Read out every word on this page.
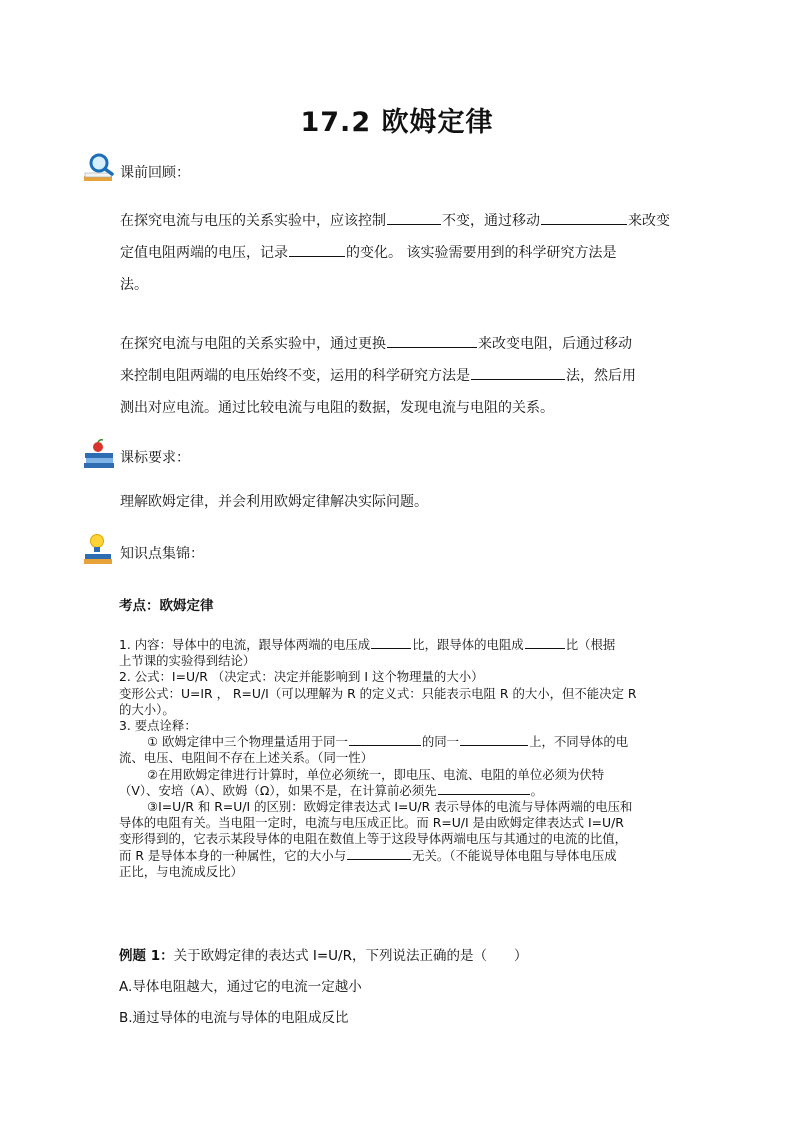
17.2 欧姆定律
课前回顾：
在探究电流与电压的关系实验中，应该控制	不变，通过移动	来改变
定值电阻两端的电压，记录	的变化。 该实验需要用到的科学研究方法是
法。
在探究电流与电阻的关系实验中，通过更换	来改变电阻，后通过移动
来控制电阻两端的电压始终不变，运用的科学研究方法是	法，然后用
测出对应电流。通过比较电流与电阻的数据，发现电流与电阻的关系。
课标要求：
理解欧姆定律，并会利用欧姆定律解决实际问题。
知识点集锦：
考点：欧姆定律
1. 内容：导体中的电流，跟导体两端的电压成	比，跟导体的电阻成	比（根据
上节课的实验得到结论）
2. 公式：I=U/R （决定式：决定并能影响到 I 这个物理量的大小）
变形公式：U=IR ， R=U/I（可以理解为 R 的定义式：只能表示电阻 R 的大小，但不能决定 R
的大小）。
3. 要点诠释：
① 欧姆定律中三个物理量适用于同一	的同一	上，不同导体的电
流、电压、电阻间不存在上述关系。（同一性）
②在用欧姆定律进行计算时，单位必须统一，即电压、电流、电阻的单位必须为伏特
（V）、安培（A）、欧姆（Ω），如果不是，在计算前必须先	。
③I=U/R 和 R=U/I 的区别：欧姆定律表达式 I=U/R 表示导体的电流与导体两端的电压和
导体的电阻有关。当电阻一定时，电流与电压成正比。而 R=U/I 是由欧姆定律表达式 I=U/R
变形得到的，它表示某段导体的电阻在数值上等于这段导体两端电压与其通过的电流的比值，
而 R 是导体本身的一种属性，它的大小与	无关。（不能说导体电阻与导体电压成
正比，与电流成反比）
例题 1：关于欧姆定律的表达式 I=U/R，下列说法正确的是（　　）
A.导体电阻越大，通过它的电流一定越小
B.通过导体的电流与导体的电阻成反比
